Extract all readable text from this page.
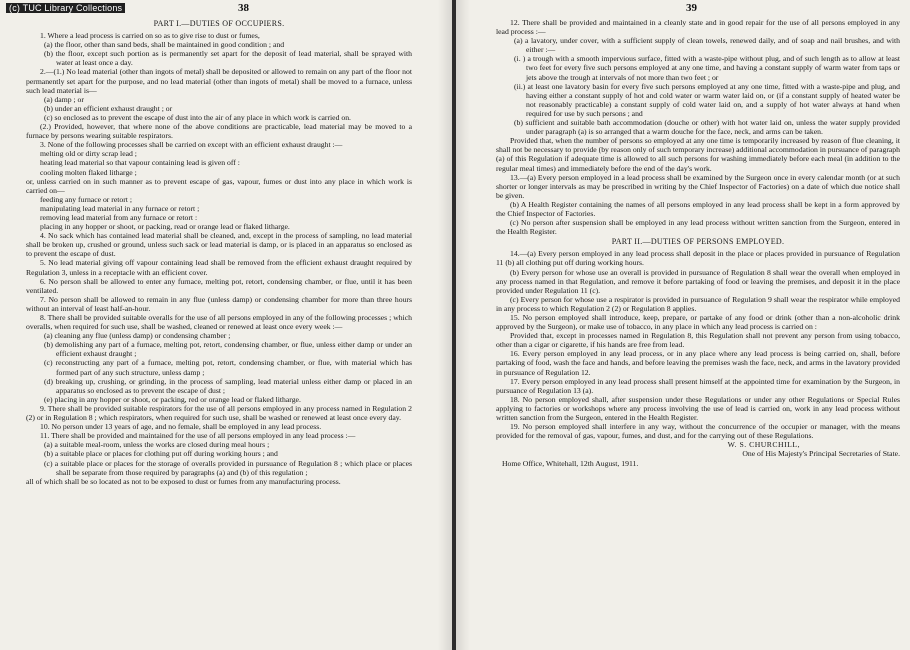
(c) TUC Library Collections	38

PART I.—DUTIES OF OCCUPIERS.

1. Where a lead process is carried on so as to give rise to dust or fumes,

(a) the floor, other than sand beds, shall be maintained in good condition ; and

(b) the floor, except such portion as is permanently set apart for the deposit of lead material, shall be sprayed with water at least once a day.

2.—(1.) No lead material (other than ingots of metal) shall be deposited or allowed to remain on any part of the floor not permanently set apart for the purpose, and no lead material (other than ingots of metal) shall be moved to a furnace, unless such lead material is—

(a) damp ; or

(b) under an efficient exhaust draught ; or

(c) so enclosed as to prevent the escape of dust into the air of any place in which work is carried on.

(2.) Provided, however, that where none of the above conditions are practicable, lead material may be moved to a furnace by persons wearing suitable respirators.

3. None of the following processes shall be carried on except with an efficient exhaust draught :—

melting old or dirty scrap lead ;

heating lead material so that vapour containing lead is given off :

cooling molten flaked litharge ;

or, unless carried on in such manner as to prevent escape of gas, vapour, fumes or dust into any place in which work is carried on—

feeding any furnace or retort ;

manipulating lead material in any furnace or retort ;

removing lead material from any furnace or retort :

placing in any hopper or shoot, or packing, read or orange lead or flaked litharge.

4. No sack which has contained lead material shall be cleaned, and, except in the process of sampling, no lead material shall be broken up, crushed or ground, unless such sack or lead material is damp, or is placed in an apparatus so enclosed as to prevent the escape of dust.

5. No lead material giving off vapour containing lead shall be removed from the efficient exhaust draught required by Regulation 3, unless in a receptacle with an efficient cover.

6. No person shall be allowed to enter any furnace, melting pot, retort, condensing chamber, or flue, until it has been ventilated.

7. No person shall be allowed to remain in any flue (unless damp) or condensing chamber for more than three hours without an interval of least half-an-hour.

8. There shall be provided suitable overalls for the use of all persons employed in any of the following processes ; which overalls, when required for such use, shall be washed, cleaned or renewed at least once every week :—

(a) cleaning any flue (unless damp) or condensing chamber ;

(b) demolishing any part of a furnace, melting pot, retort, condensing chamber, or flue, unless either damp or under an efficient exhaust draught ;

(c) reconstructing any part of a furnace, melting pot, retort, condensing chamber, or flue, with material which has formed part of any such structure, unless damp ;

(d) breaking up, crushing, or grinding, in the process of sampling, lead material unless either damp or placed in an apparatus so enclosed as to prevent the escape of dust ;

(e) placing in any hopper or shoot, or packing, red or orange lead or flaked litharge.

9. There shall be provided suitable respirators for the use of all persons employed in any process named in Regulation 2 (2) or in Regulation 8 ; which respirators, when required for such use, shall be washed or renewed at least once every day.

10. No person under 13 years of age, and no female, shall be employed in any lead process.

11. There shall be provided and maintained for the use of all persons employed in any lead process :—

(a) a suitable meal-room, unless the works are closed during meal hours ;

(b) a suitable place or places for clothing put off during working hours ; and

(c) a suitable place or places for the storage of overalls provided in pursuance of Regulation 8 ; which place or places shall be separate from those required by paragraphs (a) and (b) of this regulation ;

all of which shall be so located as not to be exposed to dust or fumes from any manufacturing process.

39

12. There shall be provided and maintained in a cleanly state and in good repair for the use of all persons employed in any lead process :—

(a) a lavatory, under cover, with a sufficient supply of clean towels, renewed daily, and of soap and nail brushes, and with either :—

(i. ) a trough with a smooth impervious surface, fitted with a waste-pipe without plug, and of such length as to allow at least two feet for every five such persons employed at any one time, and having a constant supply of warm water from taps or jets above the trough at intervals of not more than two feet ; or

(ii.) at least one lavatory basin for every five such persons employed at any one time, fitted with a waste-pipe and plug, and having either a constant supply of hot and cold water or warm water laid on, or (if a constant supply of heated water be not reasonably practicable) a constant supply of cold water laid on, and a supply of hot water always at hand when required for use by such persons ; and

(b) sufficient and suitable bath accommodation (douche or other) with hot water laid on, unless the water supply provided under paragraph (a) is so arranged that a warm douche for the face, neck, and arms can be taken.

Provided that, when the number of persons so employed at any one time is temporarily increased by reason of flue cleaning, it shall not be necessary to provide (by reason only of such temporary increase) additional accommodation in pursuance of paragraph (a) of this Regulation if adequate time is allowed to all such persons for washing immediately before each meal (in addition to the regular meal times) and immediately before the end of the day's work.

13.—(a) Every person employed in a lead process shall be examined by the Surgeon once in every calendar month (or at such shorter or longer intervals as may be prescribed in writing by the Chief Inspector of Factories) on a date of which due notice shall be given.

(b) A Health Register containing the names of all persons employed in any lead process shall be kept in a form approved by the Chief Inspector of Factories.

(c) No person after suspension shall be employed in any lead process without written sanction from the Surgeon, entered in the Health Register.

PART II.—DUTIES OF PERSONS EMPLOYED.

14.—(a) Every person employed in any lead process shall deposit in the place or places provided in pursuance of Regulation 11 (b) all clothing put off during working hours.

(b) Every person for whose use an overall is provided in pursuance of Regulation 8 shall wear the overall when employed in any process named in that Regulation, and remove it before partaking of food or leaving the premises, and deposit it in the place provided under Regulation 11 (c).

(c) Every person for whose use a respirator is provided in pursuance of Regulation 9 shall wear the respirator while employed in any process to which Regulation 2 (2) or Regulation 8 applies.

15. No person employed shall introduce, keep, prepare, or partake of any food or drink (other than a non-alcoholic drink approved by the Surgeon), or make use of tobacco, in any place in which any lead process is carried on :

Provided that, except in processes named in Regulation 8, this Regulation shall not prevent any person from using tobacco, other than a cigar or cigarette, if his hands are free from lead.

16. Every person employed in any lead process, or in any place where any lead process is being carried on, shall, before partaking of food, wash the face and hands, and before leaving the premises wash the face, neck, and arms in the lavatory provided in pursuance of Regulation 12.

17. Every person employed in any lead process shall present himself at the appointed time for examination by the Surgeon, in pursuance of Regulation 13 (a).

18. No person employed shall, after suspension under these Regulations or under any other Regulations or Special Rules applying to factories or workshops where any process involving the use of lead is carried on, work in any lead process without written sanction from the Surgeon, entered in the Health Register.

19. No person employed shall interfere in any way, without the concurrence of the occupier or manager, with the means provided for the removal of gas, vapour, fumes, and dust, and for the carrying out of these Regulations.

W. S. CHURCHILL,

One of His Majesty's Principal Secretaries of State.

Home Office, Whitehall, 12th August, 1911.
